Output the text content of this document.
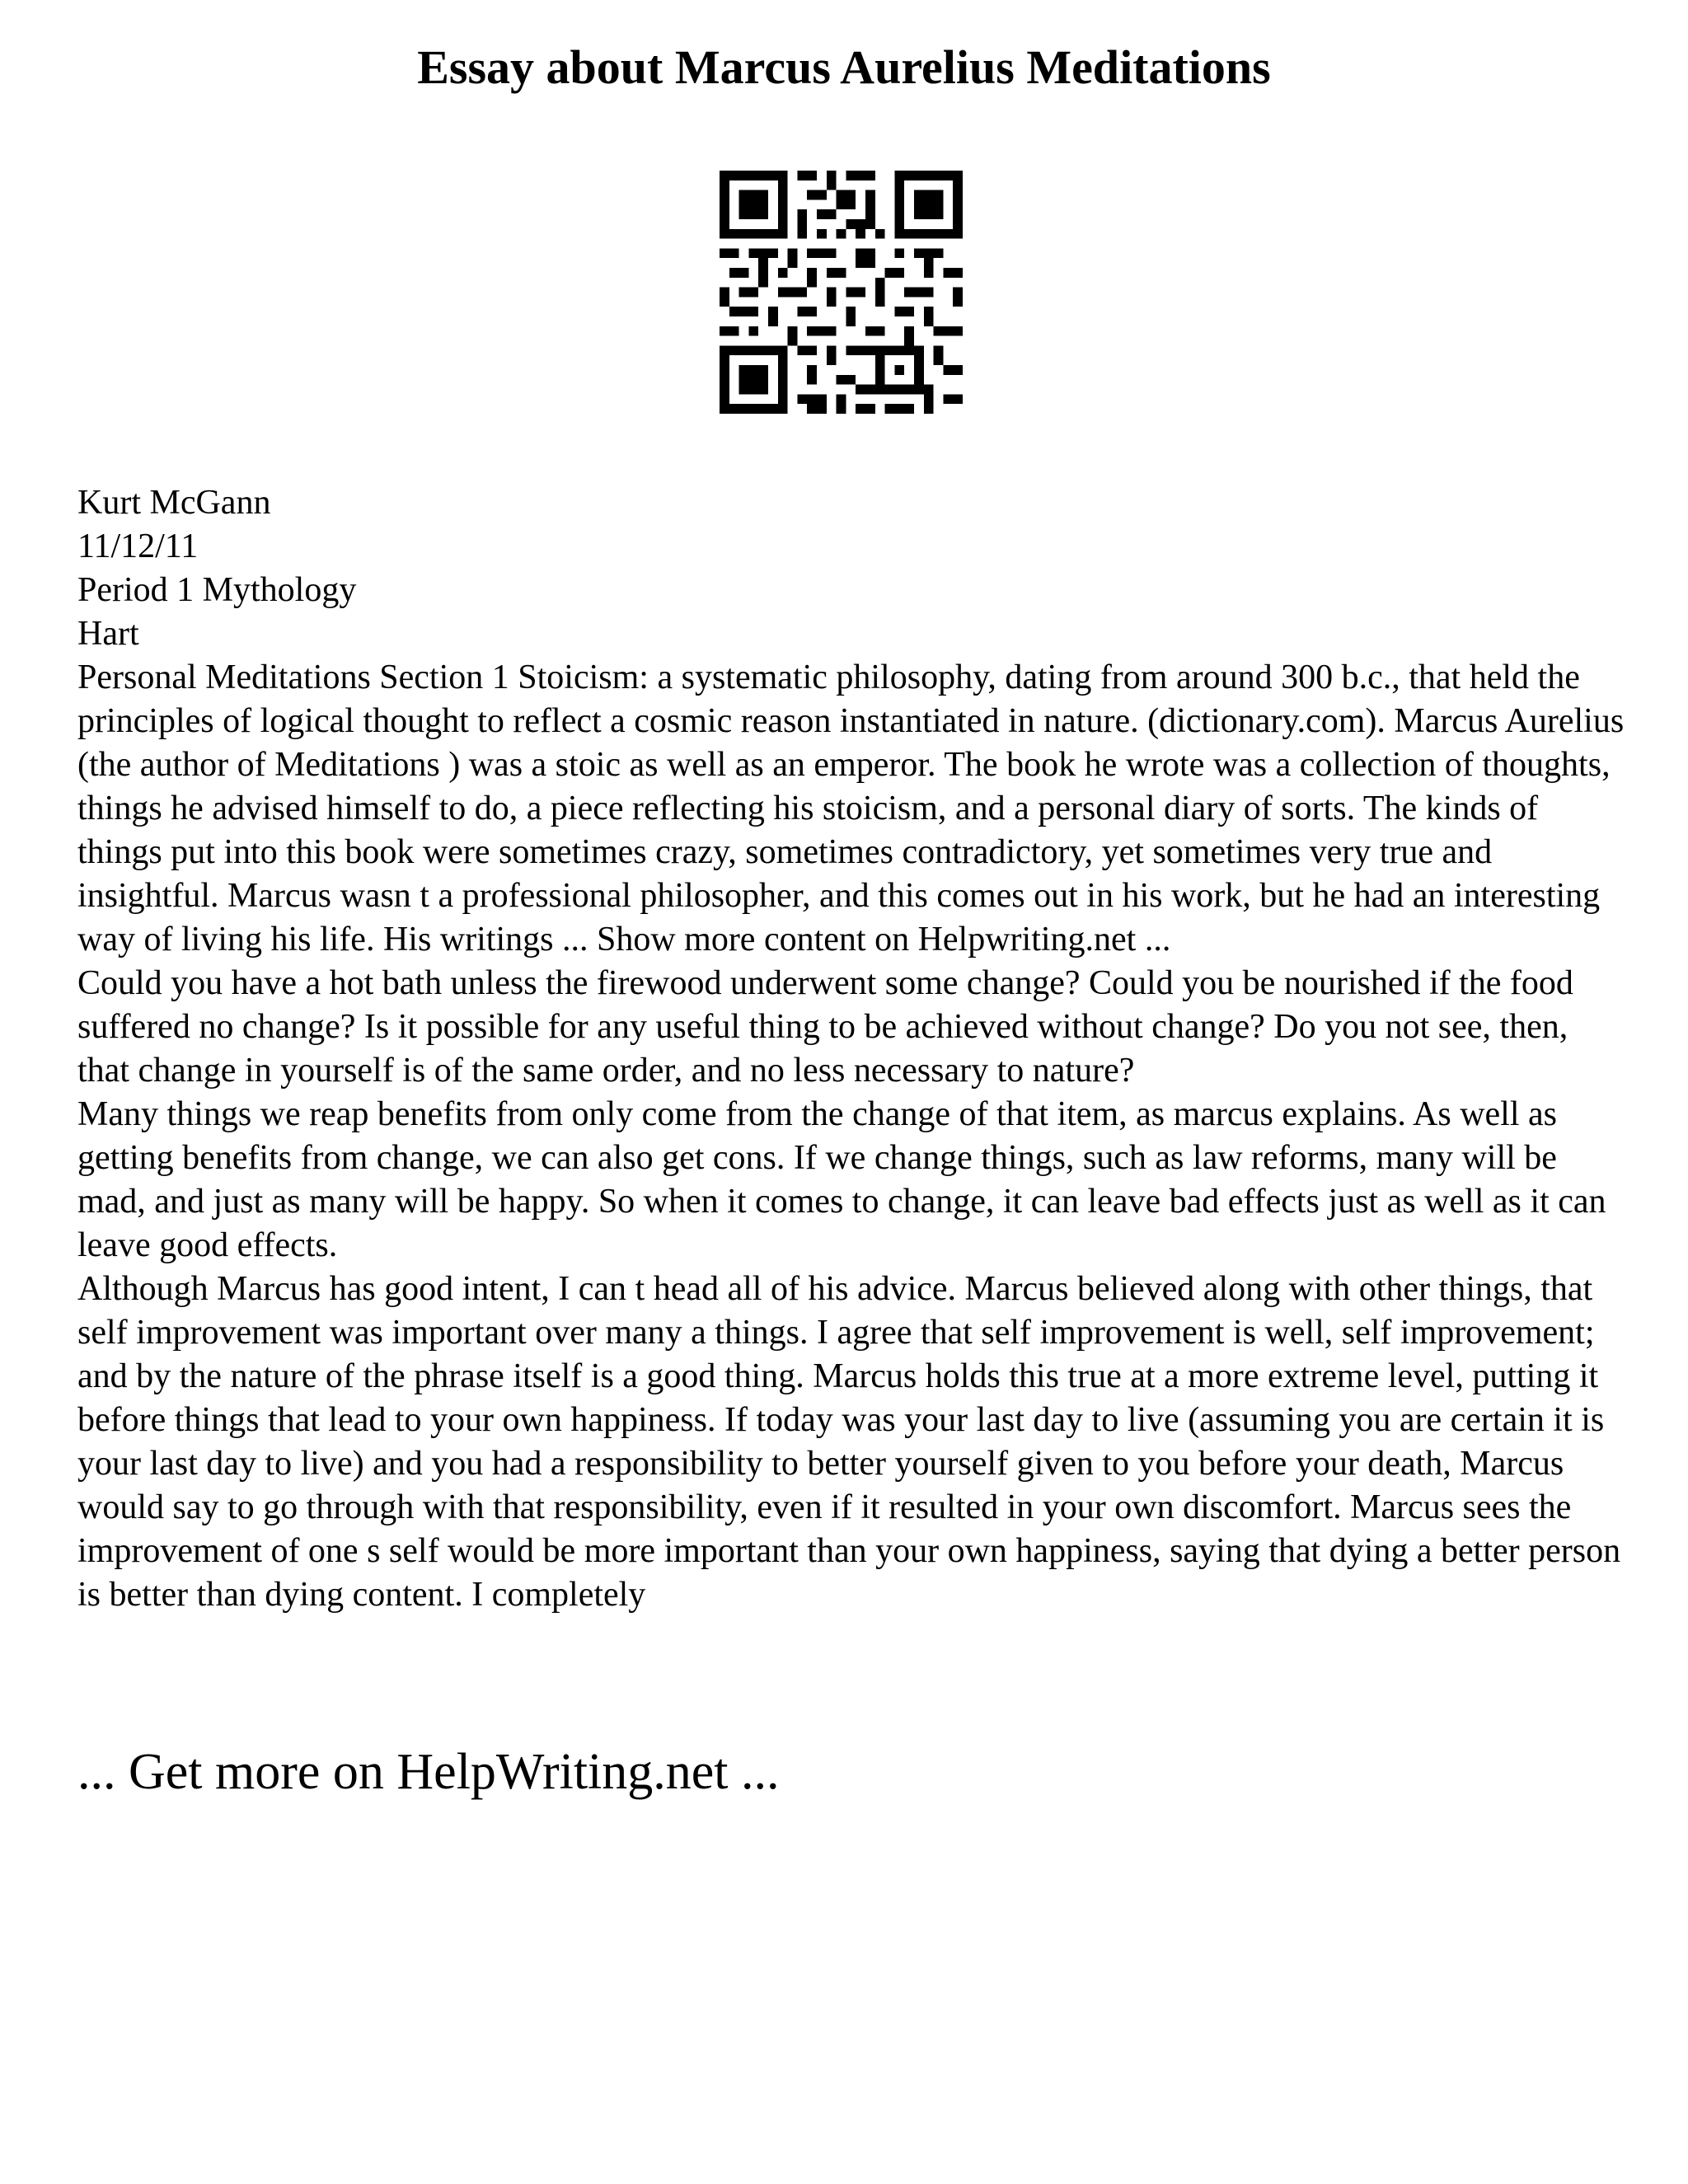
Essay about Marcus Aurelius Meditations
Kurt McGann
11/12/11
Period 1 Mythology
Hart

Personal Meditations Section 1 Stoicism: a systematic philosophy, dating from around 300 b.c., that held the principles of logical thought to reflect a cosmic reason instantiated in nature. (dictionary.com). Marcus Aurelius (the author of Meditations ) was a stoic as well as an emperor. The book he wrote was a collection of thoughts, things he advised himself to do, a piece reflecting his stoicism, and a personal diary of sorts. The kinds of things put into this book were sometimes crazy, sometimes contradictory, yet sometimes very true and insightful. Marcus wasn t a professional philosopher, and this comes out in his work, but he had an interesting way of living his life. His writings ... Show more content on Helpwriting.net ...

Could you have a hot bath unless the firewood underwent some change? Could you be nourished if the food suffered no change? Is it possible for any useful thing to be achieved without change? Do you not see, then, that change in yourself is of the same order, and no less necessary to nature?

Many things we reap benefits from only come from the change of that item, as marcus explains. As well as getting benefits from change, we can also get cons. If we change things, such as law reforms, many will be mad, and just as many will be happy. So when it comes to change, it can leave bad effects just as well as it can leave good effects.

Although Marcus has good intent, I can t head all of his advice. Marcus believed along with other things, that self improvement was important over many a things. I agree that self improvement is well, self improvement; and by the nature of the phrase itself is a good thing. Marcus holds this true at a more extreme level, putting it before things that lead to your own happiness. If today was your last day to live (assuming you are certain it is your last day to live) and you had a responsibility to better yourself given to you before your death, Marcus would say to go through with that responsibility, even if it resulted in your own discomfort. Marcus sees the improvement of one s self would be more important than your own happiness, saying that dying a better person is better than dying content. I completely

... Get more on HelpWriting.net ...
